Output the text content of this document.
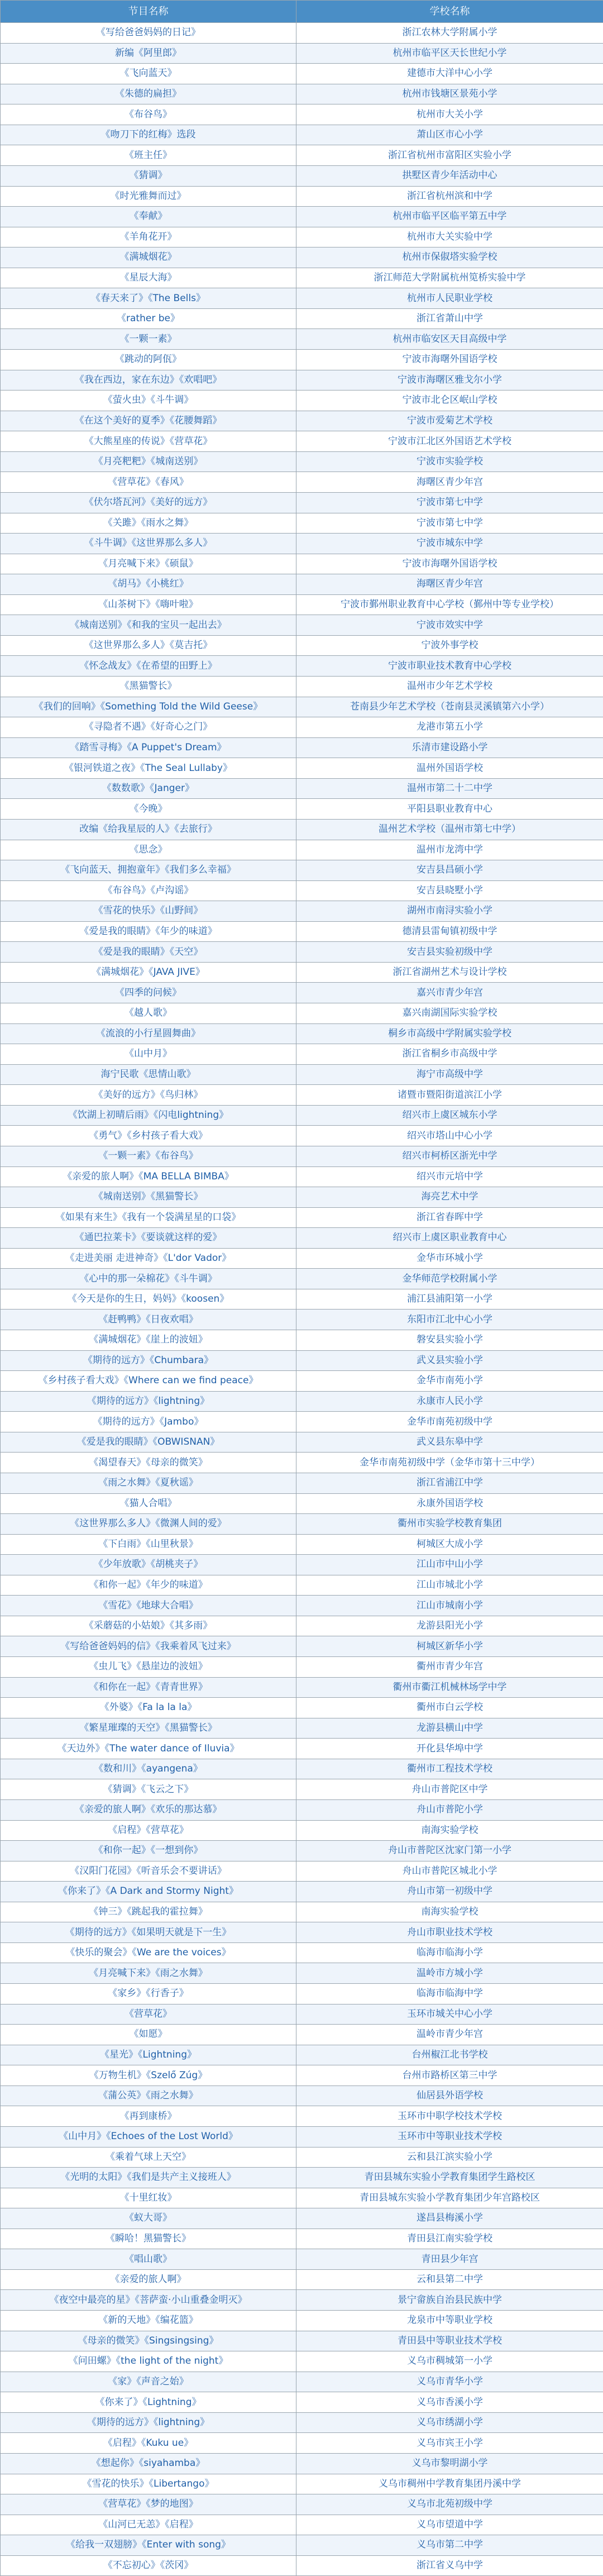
节目名称	学校名称
《写给爸爸妈妈的日记》	浙江农林大学附属小学
新编《阿里郎》	杭州市临平区天长世纪小学
《飞向蓝天》	建德市大洋中心小学
《朱德的扁担》	杭州市钱塘区景苑小学
《布谷鸟》	杭州市大关小学
《吻刀下的红梅》选段	萧山区市心小学
《班主任》	浙江省杭州市富阳区实验小学
《猜调》	拱墅区青少年活动中心
《时光雅舞而过》	浙江省杭州滨和中学
《奉献》	杭州市临平区临平第五中学
《羊角花开》	杭州市大关实验中学
《满城烟花》	杭州市保俶塔实验学校
《星辰大海》	浙江师范大学附属杭州笕桥实验中学
《春天来了》《The Bells》	杭州市人民职业学校
《rather be》	浙江省萧山中学
《一颗一素》	杭州市临安区天目高级中学
《跳动的阿佤》	宁波市海曙外国语学校
《我在西边，家在东边》《欢唱吧》	宁波市海曙区雅戈尔小学
《萤火虫》《斗牛调》	宁波市北仑区岷山学校
《在这个美好的夏季》《花腰舞蹈》	宁波市爱菊艺术学校
《大熊星座的传说》《营草花》	宁波市江北区外国语艺术学校
《月亮粑粑》《城南送别》	宁波市实验学校
《营草花》《春风》	海曙区青少年宫
《伏尔塔瓦河》《美好的远方》	宁波市第七中学
《关雎》《雨水之舞》	宁波市第七中学
《斗牛调》《这世界那么多人》	宁波市城东中学
《月亮喊下来》《硕鼠》	宁波市海曙外国语学校
《胡马》《小桃红》	海曙区青少年宫
《山茶树下》《嗨叶啦》	宁波市鄞州职业教育中心学校（鄞州中等专业学校）
《城南送别》《和我的宝贝一起出去》	宁波市效实中学
《这世界那么多人》《莫吉托》	宁波外事学校
《怀念战友》《在希望的田野上》	宁波市职业技术教育中心学校
《黑猫警长》	温州市少年艺术学校
《我们的回响》《Something Told the Wild Geese》	苍南县少年艺术学校（苍南县灵溪镇第六小学）
《寻隐者不遇》《好奇心之门》	龙港市第五小学
《踏雪寻梅》《A Puppet's Dream》	乐清市建设路小学
《银河铁道之夜》《The Seal Lullaby》	温州外国语学校
《数数歌》《Janger》	温州市第二十二中学
《今晚》	平阳县职业教育中心
改编《给我星辰的人》《去旅行》	温州艺术学校（温州市第七中学）
《思念》	温州市龙湾中学
《飞向蓝天、拥抱童年》《我们多么幸福》	安吉县昌硕小学
《布谷鸟》《卢沟谣》	安吉县晓墅小学
《雪花的快乐》《山野间》	湖州市南浔实验小学
《爱是我的眼睛》《年少的味道》	德清县雷甸镇初级中学
《爱是我的眼睛》《天空》	安吉县实验初级中学
《满城烟花》《JAVA JIVE》	浙江省湖州艺术与设计学校
《四季的问候》	嘉兴市青少年宫
《越人歌》	嘉兴南湖国际实验学校
《流浪的小行星圆舞曲》	桐乡市高级中学附属实验学校
《山中月》	浙江省桐乡市高级中学
海宁民歌《思情山歌》	海宁市高级中学
《美好的远方》《鸟归林》	诸暨市暨阳街道滨江小学
《饮湖上初晴后雨》《闪电lightning》	绍兴市上虞区城东小学
《勇气》《乡村孩子看大戏》	绍兴市塔山中心小学
《一颗一素》《布谷鸟》	绍兴市柯桥区浙光中学
《亲爱的旅人啊》《MA BELLA BIMBA》	绍兴市元培中学
《城南送别》《黑猫警长》	海亮艺术中学
《如果有来生》《我有一个袋满星星的口袋》	浙江省春晖中学
《通巴拉莱卡》《要谈就这样的爱》	绍兴市上虞区职业教育中心
《走进美丽 走进神奇》《L'dor Vador》	金华市环城小学
《心中的那一朵棉花》《斗牛调》	金华师范学校附属小学
《今天是你的生日，妈妈》《koosen》	浦江县浦阳第一小学
《赶鸭鸭》《日夜欢唱》	东阳市江北中心小学
《满城烟花》《崖上的波妞》	磐安县实验小学
《期待的远方》《Chumbara》	武义县实验小学
《乡村孩子看大戏》《Where can we find peace》	金华市南苑小学
《期待的远方》《lightning》	永康市人民小学
《期待的远方》《Jambo》	金华市南苑初级中学
《爱是我的眼睛》《OBWISNAN》	武义县东皋中学
《渴望春天》《母亲的微笑》	金华市南苑初级中学（金华市第十三中学）
《雨之水舞》《夏秋谣》	浙江省浦江中学
《猫人合唱》	永康外国语学校
《这世界那么多人》《微渊人间的爱》	衢州市实验学校教育集团
《下白雨》《山里秋景》	柯城区大成小学
《少年放歌》《胡桃夹子》	江山市中山小学
《和你一起》《年少的味道》	江山市城北小学
《雪花》《地球大合唱》	江山市城南小学
《采蘑菇的小姑娘》《其多雨》	龙游县阳光小学
《写给爸爸妈妈的信》《我乘着风飞过来》	柯城区新华小学
《虫儿飞》《悬崖边的波妞》	衢州市青少年宫
《和你在一起》《青青世界》	衢州市衢江机械林场学中学
《外婆》《Fa la la la》	衢州市白云学校
《繁星璀璨的天空》《黑猫警长》	龙游县横山中学
《天边外》《The water dance of Iluvia》	开化县华埠中学
《数和川》《ayangena》	衢州市工程技术学校
《猜调》《飞云之下》	舟山市普陀区中学
《亲爱的旅人啊》《欢乐的那达慕》	舟山市普陀小学
《启程》《营草花》	南海实验学校
《和你一起》《一想到你》	舟山市普陀区沈家门第一小学
《汉阳门花园》《听音乐会不要讲话》	舟山市普陀区城北小学
《你来了》《A Dark and Stormy Night》	舟山市第一初级中学
《钟三》《跳起我的霍拉舞》	南海实验学校
《期待的远方》《如果明天就是下一生》	舟山市职业技术学校
《快乐的聚会》《We are the voices》	临海市临海小学
《月亮喊下来》《雨之水舞》	温岭市方城小学
《家乡》《行香子》	临海市临海中学
《营草花》	玉环市城关中心小学
《如愿》	温岭市青少年宫
《星光》《Lightning》	台州椒江北书学校
《万物生机》《Szelő Zúg》	台州市路桥区第三中学
《蒲公英》《雨之水舞》	仙居县外语学校
《再到康桥》	玉环市中职学校技术学校
《山中月》《Echoes of the Lost World》	玉环市中等职业技术学校
《乘着气球上天空》	云和县江滨实验小学
《光明的太阳》《我们是共产主义接班人》	青田县城东实验小学教育集团学生路校区
《十里红妆》	青田县城东实验小学教育集团少年宫路校区
《蚁大哥》	遂昌县梅溪小学
《瞬哈！黑猫警长》	青田县江南实验学校
《唱山歌》	青田县少年宫
《亲爱的旅人啊》	云和县第二中学
《夜空中最亮的星》《菩萨蛮·小山重叠金明灭》	景宁畲族自治县民族中学
《新的天地》《编花篮》	龙泉市中等职业学校
《母亲的微笑》《Singsingsing》	青田县中等职业技术学校
《问田螺》《the light of the night》	义乌市稠城第一小学
《家》《声音之始》	义乌市青华小学
《你来了》《Lightning》	义乌市香溪小学
《期待的远方》《lightning》	义乌市绣湖小学
《启程》《Kuku ue》	义乌市宾王小学
《想起你》《siyahamba》	义乌市黎明湖小学
《雪花的快乐》《Libertango》	义乌市稠州中学教育集团丹溪中学
《营草花》《梦的地图》	义乌市北苑初级中学
《山河已无恙》《启程》	义乌市望道中学
《给我一双翅膀》《Enter with song》	义乌市第二中学
《不忘初心》《茨冈》	浙江省义乌中学
